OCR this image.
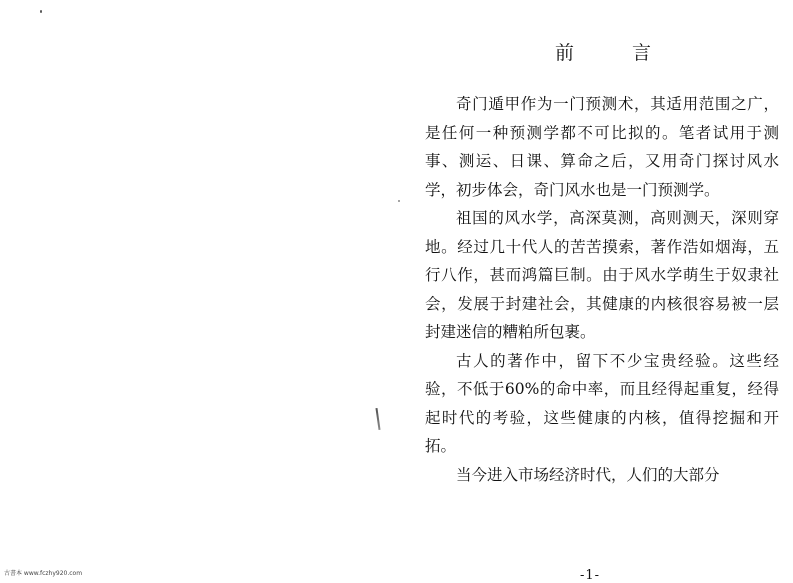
前	言

奇门遁甲作为一门预测术，其适用范围之广，是任何一种预测学都不可比拟的。笔者试用于测事、测运、日课、算命之后，又用奇门探讨风水学，初步体会，奇门风水也是一门预测学。

祖国的风水学，高深莫测，高则测天，深则穿地。经过几十代人的苦苦摸索，著作浩如烟海，五行八作，甚而鸿篇巨制。由于风水学萌生于奴隶社会，发展于封建社会，其健康的内核很容易被一层封建迷信的糟粕所包裹。

古人的著作中，留下不少宝贵经验。这些经验，不低于60%的命中率，而且经得起重复，经得起时代的考验，这些健康的内核，值得挖掘和开拓。

当今进入市场经济时代，人们的大部分

古書本 www.fczhy920.com	-1-
